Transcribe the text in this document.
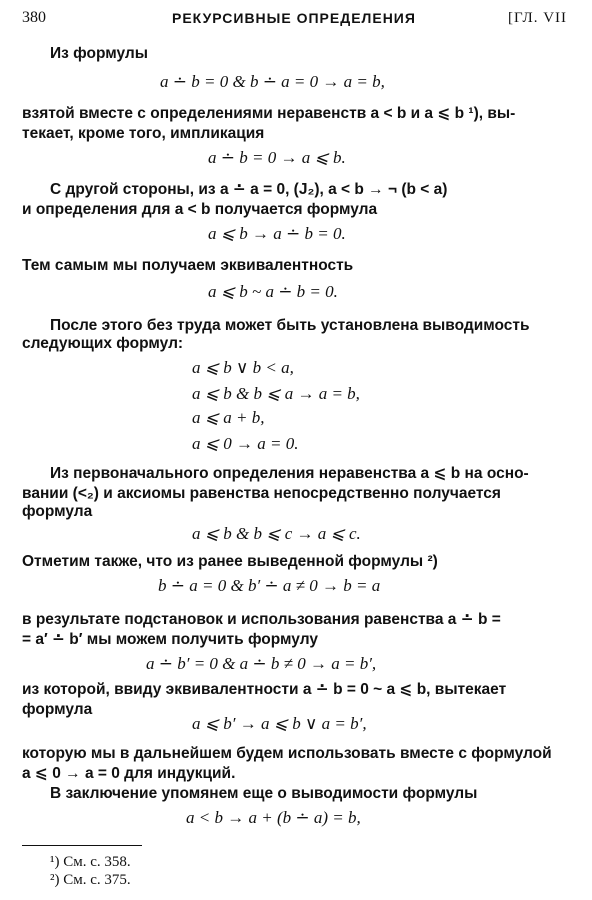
380	РЕКУРСИВНЫЕ ОПРЕДЕЛЕНИЯ	[ГЛ. VII
Из формулы
a ∸ b = 0 & b ∸ a = 0 → a = b,
взятой вместе с определениями неравенств a < b и a ⩽ b ¹), вы-
текает, кроме того, импликация
a ∸ b = 0 → a ⩽ b.
С другой стороны, из a ∸ a = 0, (J₂), a < b → ¬ (b < a)
и определения для a < b получается формула
a ⩽ b → a ∸ b = 0.
Тем самым мы получаем эквивалентность
a ⩽ b ~ a ∸ b = 0.
После этого без труда может быть установлена выводимость
следующих формул:
a ⩽ b ∨ b < a,
a ⩽ b & b ⩽ a → a = b,
a ⩽ a + b,
a ⩽ 0 → a = 0.
Из первоначального определения неравенства a ⩽ b на осно-
вании (<₂) и аксиомы равенства непосредственно получается
формула
a ⩽ b & b ⩽ c → a ⩽ c.
Отметим также, что из ранее выведенной формулы ²)
b ∸ a = 0 & b′ ∸ a ≠ 0 → b = a
в результате подстановок и использования равенства a ∸ b =
= a′ ∸ b′ мы можем получить формулу
a ∸ b′ = 0 & a ∸ b ≠ 0 → a = b′,
из которой, ввиду эквивалентности a ∸ b = 0 ~ a ⩽ b, вытекает
формула
a ⩽ b′ → a ⩽ b ∨ a = b′,
которую мы в дальнейшем будем использовать вместе с формулой
a ⩽ 0 → a = 0 для индукций.
В заключение упомянем еще о выводимости формулы
a < b → a + (b ∸ a) = b,
¹) См. с. 358.
²) См. с. 375.
